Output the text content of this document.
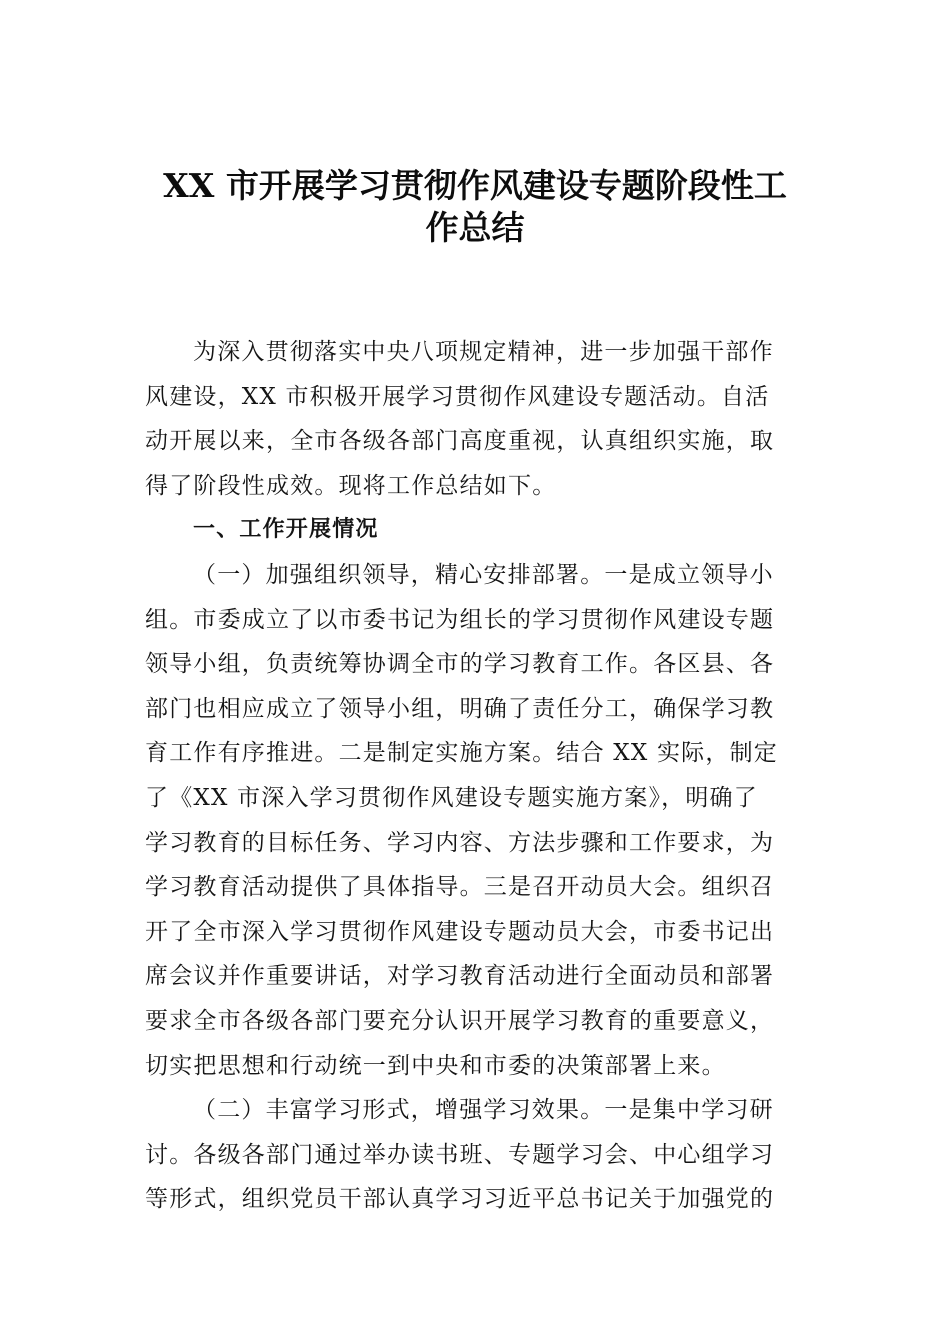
XX 市开展学习贯彻作风建设专题阶段性工
作总结
为深入贯彻落实中央八项规定精神，进一步加强干部作
风建设，XX 市积极开展学习贯彻作风建设专题活动。自活
动开展以来，全市各级各部门高度重视，认真组织实施，取
得了阶段性成效。现将工作总结如下。
一、工作开展情况
（一）加强组织领导，精心安排部署。一是成立领导小
组。市委成立了以市委书记为组长的学习贯彻作风建设专题
领导小组，负责统筹协调全市的学习教育工作。各区县、各
部门也相应成立了领导小组，明确了责任分工，确保学习教
育工作有序推进。二是制定实施方案。结合 XX 实际，制定
了《XX 市深入学习贯彻作风建设专题实施方案》，明确了
学习教育的目标任务、学习内容、方法步骤和工作要求，为
学习教育活动提供了具体指导。三是召开动员大会。组织召
开了全市深入学习贯彻作风建设专题动员大会，市委书记出
席会议并作重要讲话，对学习教育活动进行全面动员和部署
要求全市各级各部门要充分认识开展学习教育的重要意义，
切实把思想和行动统一到中央和市委的决策部署上来。
（二）丰富学习形式，增强学习效果。一是集中学习研
讨。各级各部门通过举办读书班、专题学习会、中心组学习
等形式，组织党员干部认真学习习近平总书记关于加强党的
